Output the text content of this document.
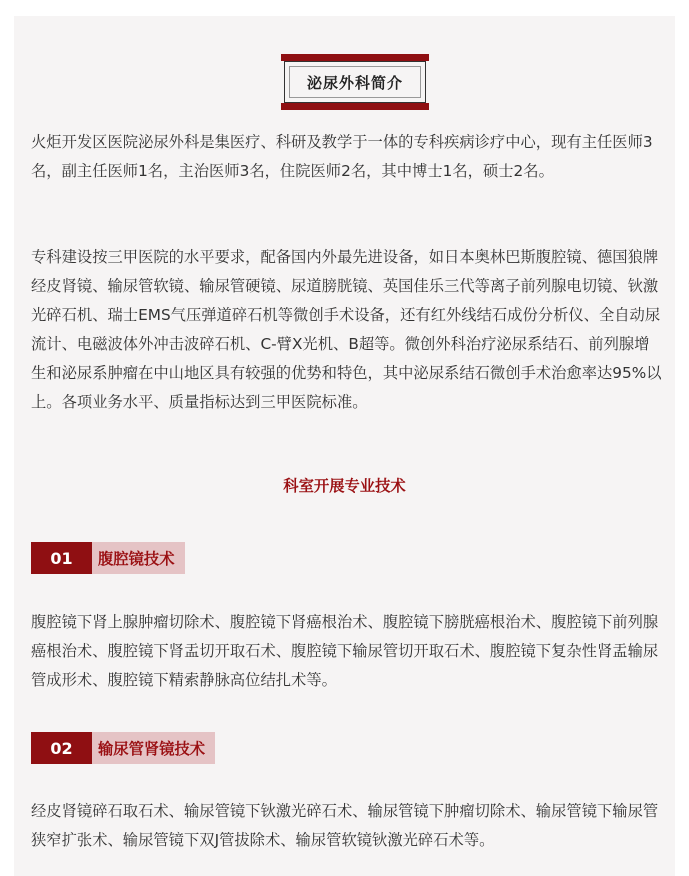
泌尿外科简介

火炬开发区医院泌尿外科是集医疗、科研及教学于一体的专科疾病诊疗中心，现有主任医师3名，副主任医师1名，主治医师3名，住院医师2名，其中博士1名，硕士2名。

专科建设按三甲医院的水平要求，配备国内外最先进设备，如日本奥林巴斯腹腔镜、德国狼牌经皮肾镜、输尿管软镜、输尿管硬镜、尿道膀胱镜、英国佳乐三代等离子前列腺电切镜、钬激光碎石机、瑞士EMS气压弹道碎石机等微创手术设备，还有红外线结石成份分析仪、全自动尿流计、电磁波体外冲击波碎石机、C-臂X光机、B超等。微创外科治疗泌尿系结石、前列腺增生和泌尿系肿瘤在中山地区具有较强的优势和特色，其中泌尿系结石微创手术治愈率达95%以上。各项业务水平、质量指标达到三甲医院标准。

科室开展专业技术
01	腹腔镜技术

腹腔镜下肾上腺肿瘤切除术、腹腔镜下肾癌根治术、腹腔镜下膀胱癌根治术、腹腔镜下前列腺癌根治术、腹腔镜下肾盂切开取石术、腹腔镜下输尿管切开取石术、腹腔镜下复杂性肾盂输尿管成形术、腹腔镜下精索静脉高位结扎术等。

02	输尿管肾镜技术

经皮肾镜碎石取石术、输尿管镜下钬激光碎石术、输尿管镜下肿瘤切除术、输尿管镜下输尿管狭窄扩张术、输尿管镜下双J管拔除术、输尿管软镜钬激光碎石术等。
